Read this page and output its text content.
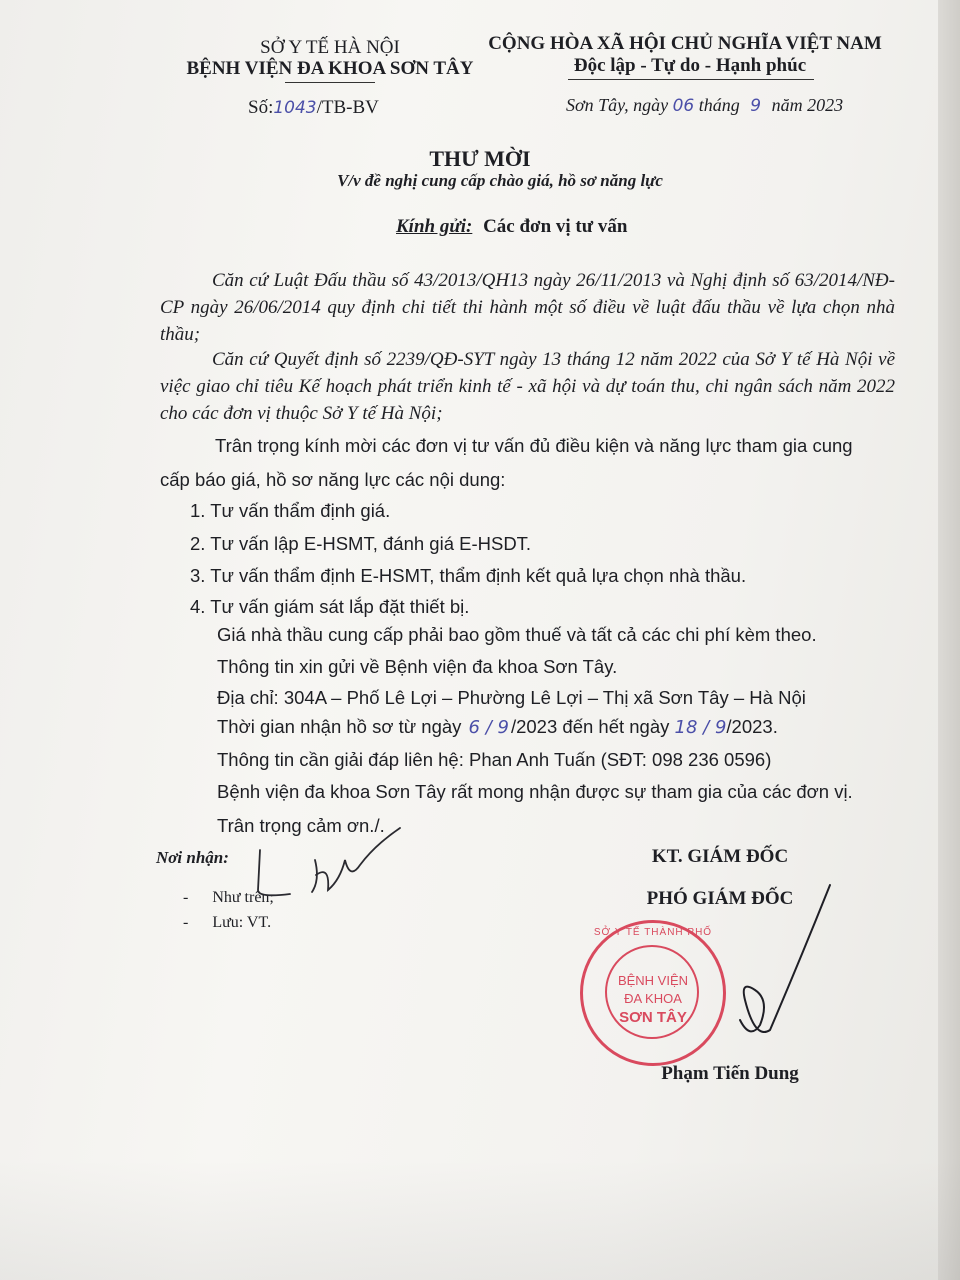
SỞ Y TẾ HÀ NỘI
BỆNH VIỆN ĐA KHOA SƠN TÂY
Số:1043/TB-BV
CỘNG HÒA XÃ HỘI CHỦ NGHĨA VIỆT NAM
Độc lập - Tự do - Hạnh phúc
Sơn Tây, ngày 06 tháng 9 năm 2023
THƯ MỜI
V/v đề nghị cung cấp chào giá, hồ sơ năng lực
Kính gửi: Các đơn vị tư vấn
Căn cứ Luật Đấu thầu số 43/2013/QH13 ngày 26/11/2013 và Nghị định số 63/2014/NĐ-CP ngày 26/06/2014 quy định chi tiết thi hành một số điều về luật đấu thầu về lựa chọn nhà thầu;
Căn cứ Quyết định số 2239/QĐ-SYT ngày 13 tháng 12 năm 2022 của Sở Y tế Hà Nội về việc giao chỉ tiêu Kế hoạch phát triển kinh tế - xã hội và dự toán thu, chi ngân sách năm 2022 cho các đơn vị thuộc Sở Y tế Hà Nội;
Trân trọng kính mời các đơn vị tư vấn đủ điều kiện và năng lực tham gia cung
cấp báo giá, hồ sơ năng lực các nội dung:
1. Tư vấn thẩm định giá.
2. Tư vấn lập E-HSMT, đánh giá E-HSDT.
3. Tư vấn thẩm định E-HSMT, thẩm định kết quả lựa chọn nhà thầu.
4. Tư vấn giám sát lắp đặt thiết bị.
Giá nhà thầu cung cấp phải bao gồm thuế và tất cả các chi phí kèm theo.
Thông tin xin gửi về Bệnh viện đa khoa Sơn Tây.
Địa chỉ: 304A – Phố Lê Lợi – Phường Lê Lợi – Thị xã Sơn Tây – Hà Nội
Thời gian nhận hồ sơ từ ngày 6 / 9 /2023 đến hết ngày 18 / 9/2023.
Thông tin cần giải đáp liên hệ: Phan Anh Tuấn (SĐT: 098 236 0596)
Bệnh viện đa khoa Sơn Tây rất mong nhận được sự tham gia của các đơn vị.
Trân trọng cảm ơn./.
Nơi nhận:
- Như trên;
- Lưu: VT.
KT. GIÁM ĐỐC
PHÓ GIÁM ĐỐC
SỞ Y TẾ THÀNH PHỐ
BỆNH VIỆN
ĐA KHOA
SƠN TÂY
Phạm Tiến Dung
